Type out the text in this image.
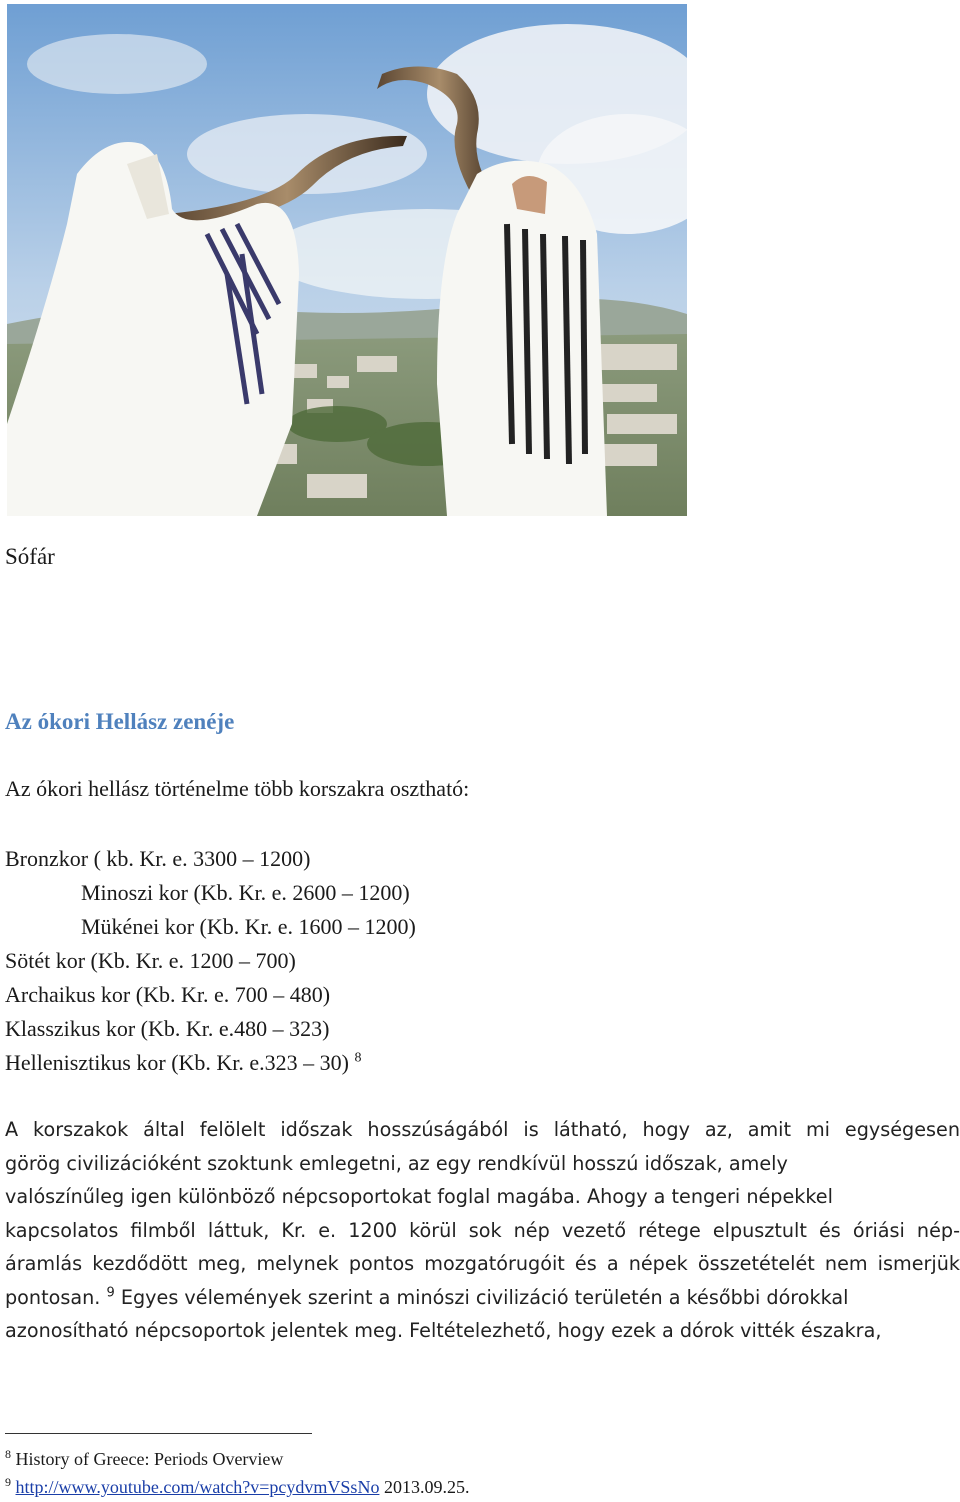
Sófár
Az ókori Hellász zenéje
Az ókori hellász történelme több korszakra osztható:
Bronzkor ( kb. Kr. e. 3300 – 1200)
Minoszi kor (Kb. Kr. e. 2600 – 1200)
Mükénei kor (Kb. Kr. e. 1600 – 1200)
Sötét kor (Kb. Kr. e. 1200 – 700)
Archaikus kor (Kb. Kr. e. 700 – 480)
Klasszikus kor (Kb. Kr. e.480 – 323)
Hellenisztikus kor (Kb. Kr. e.323 – 30) $^8$
A korszakok által felölelt időszak hosszúságából is látható, hogy az, amit mi egységesen
görög civilizációként szoktunk emlegetni, az egy rendkívül hosszú időszak, amely
valószínűleg igen különböző népcsoportokat foglal magába. Ahogy a tengeri népekkel
kapcsolatos filmből láttuk, Kr. e. 1200 körül sok nép vezető rétege elpusztult és óriási nép-
áramlás kezdődött meg, melynek pontos mozgatórugóit és a népek összetételét nem ismerjük
pontosan. $^9$ Egyes vélemények szerint a minószi civilizáció területén a későbbi dórokkal
azonosítható népcsoportok jelentek meg. Feltételezhető, hogy ezek a dórok vitték északra,
$^8$ History of Greece: Periods Overview
$^9$ http://www.youtube.com/watch?v=pcydvmVSsNo 2013.09.25.
